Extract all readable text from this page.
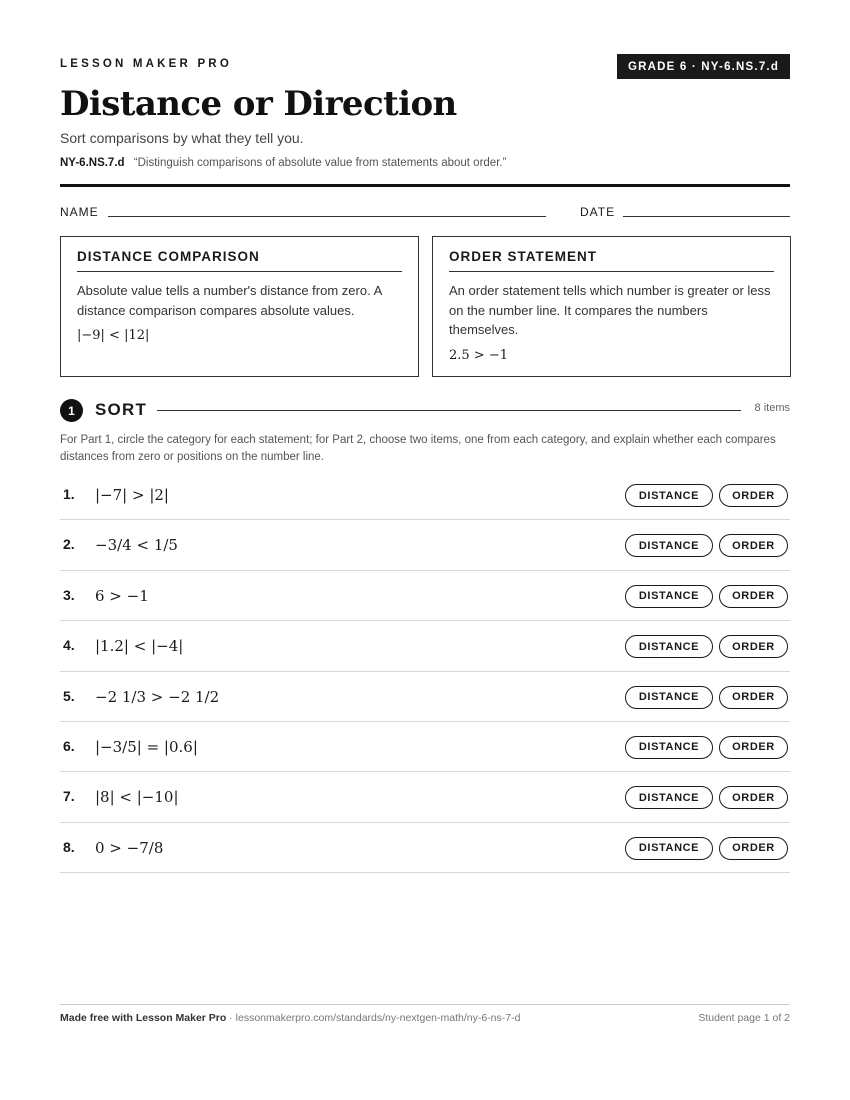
LESSON MAKER PRO	GRADE 6 · NY-6.NS.7.d
Distance or Direction
Sort comparisons by what they tell you.
NY-6.NS.7.d “Distinguish comparisons of absolute value from statements about order.”
NAME	DATE
DISTANCE COMPARISON
Absolute value tells a number's distance from zero. A distance comparison compares absolute values.
|−9| < |12|
ORDER STATEMENT
An order statement tells which number is greater or less on the number line. It compares the numbers themselves.
2.5 > −1
1	SORT	8 items
For Part 1, circle the category for each statement; for Part 2, choose two items, one from each category, and explain whether each compares distances from zero or positions on the number line.
1. |−7| > |2|	DISTANCE	ORDER
2. −3/4 < 1/5	DISTANCE	ORDER
3. 6 > −1	DISTANCE	ORDER
4. |1.2| < |−4|	DISTANCE	ORDER
5. −2 1/3 > −2 1/2	DISTANCE	ORDER
6. |−3/5| = |0.6|	DISTANCE	ORDER
7. |8| < |−10|	DISTANCE	ORDER
8. 0 > −7/8	DISTANCE	ORDER
Made free with Lesson Maker Pro · lessonmakerpro.com/standards/ny-nextgen-math/ny-6-ns-7-d	Student page 1 of 2
